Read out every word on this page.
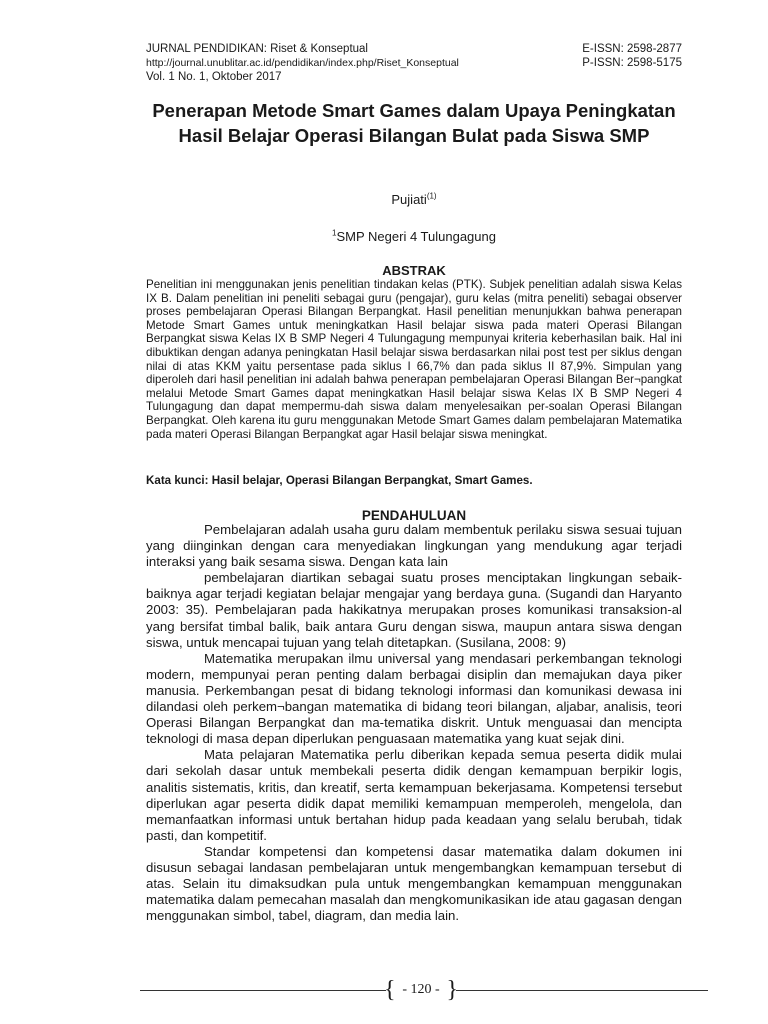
JURNAL PENDIDIKAN: Riset & Konseptual	E-ISSN: 2598-2877
http://journal.unublitar.ac.id/pendidikan/index.php/Riset_Konseptual	P-ISSN: 2598-5175
Vol. 1 No. 1, Oktober 2017
Penerapan Metode Smart Games dalam Upaya Peningkatan Hasil Belajar Operasi Bilangan Bulat pada Siswa SMP
Pujiati$^{(1)}$
$^1$SMP Negeri 4 Tulungagung
ABSTRAK
Penelitian ini menggunakan jenis penelitian tindakan kelas (PTK). Subjek penelitian adalah siswa Kelas IX B. Dalam penelitian ini peneliti sebagai guru (pengajar), guru kelas (mitra peneliti) sebagai observer proses pembelajaran Operasi Bilangan Berpangkat. Hasil penelitian menunjukkan bahwa penerapan Metode Smart Games untuk meningkatkan Hasil belajar siswa pada materi Operasi Bilangan Berpangkat siswa Kelas IX B SMP Negeri 4 Tulungagung mempunyai kriteria keberhasilan baik. Hal ini dibuktikan dengan adanya peningkatan Hasil belajar siswa berdasarkan nilai post test per siklus dengan nilai di atas KKM yaitu persentase pada siklus I 66,7% dan pada siklus II 87,9%. Simpulan yang diperoleh dari hasil penelitian ini adalah bahwa penerapan pembelajaran Operasi Bilangan Ber¬pangkat melalui Metode Smart Games dapat meningkatkan Hasil belajar siswa Kelas IX B SMP Negeri 4 Tulungagung dan dapat mempermu-dah siswa dalam menyelesaikan per-soalan Operasi Bilangan Berpangkat. Oleh karena itu guru menggunakan Metode Smart Games dalam pembelajaran Matematika pada materi Operasi Bilangan Berpangkat agar Hasil belajar siswa meningkat.
Kata kunci: Hasil belajar, Operasi Bilangan Berpangkat, Smart Games.
PENDAHULUAN

Pembelajaran adalah usaha guru dalam membentuk perilaku siswa sesuai tujuan yang diinginkan dengan cara menyediakan lingkungan yang mendukung agar terjadi interaksi yang baik sesama siswa. Dengan kata lain

pembelajaran diartikan sebagai suatu proses menciptakan lingkungan sebaik-baiknya agar terjadi kegiatan belajar mengajar yang berdaya guna. (Sugandi dan Haryanto 2003: 35). Pembelajaran pada hakikatnya merupakan proses komunikasi transaksion-al yang bersifat timbal balik, baik antara Guru dengan siswa, maupun antara siswa dengan siswa, untuk mencapai tujuan yang telah ditetapkan. (Susilana, 2008: 9)

Matematika merupakan ilmu universal yang mendasari perkembangan teknologi modern, mempunyai peran penting dalam berbagai disiplin dan memajukan daya piker manusia. Perkembangan pesat di bidang teknologi informasi dan komunikasi dewasa ini dilandasi oleh perkem¬bangan matematika di bidang teori bilangan, aljabar, analisis, teori Operasi Bilangan Berpangkat dan ma-tematika diskrit. Untuk menguasai dan mencipta teknologi di masa depan diperlukan penguasaan matematika yang kuat sejak dini.

Mata pelajaran Matematika perlu diberikan kepada semua peserta didik mulai dari sekolah dasar untuk membekali peserta didik dengan kemampuan berpikir logis, analitis sistematis, kritis, dan kreatif, serta kemampuan bekerjasama. Kompetensi tersebut diperlukan agar peserta didik dapat memiliki kemampuan memperoleh, mengelola, dan memanfaatkan informasi untuk bertahan hidup pada keadaan yang selalu berubah, tidak pasti, dan kompetitif.

Standar kompetensi dan kompetensi dasar matematika dalam dokumen ini disusun sebagai landasan pembelajaran untuk mengembangkan kemampuan tersebut di atas. Selain itu dimaksudkan pula untuk mengembangkan kemampuan menggunakan matematika dalam pemecahan masalah dan mengkomunikasikan ide atau gagasan dengan menggunakan simbol, tabel, diagram, dan media lain.

{ - 120 - }
